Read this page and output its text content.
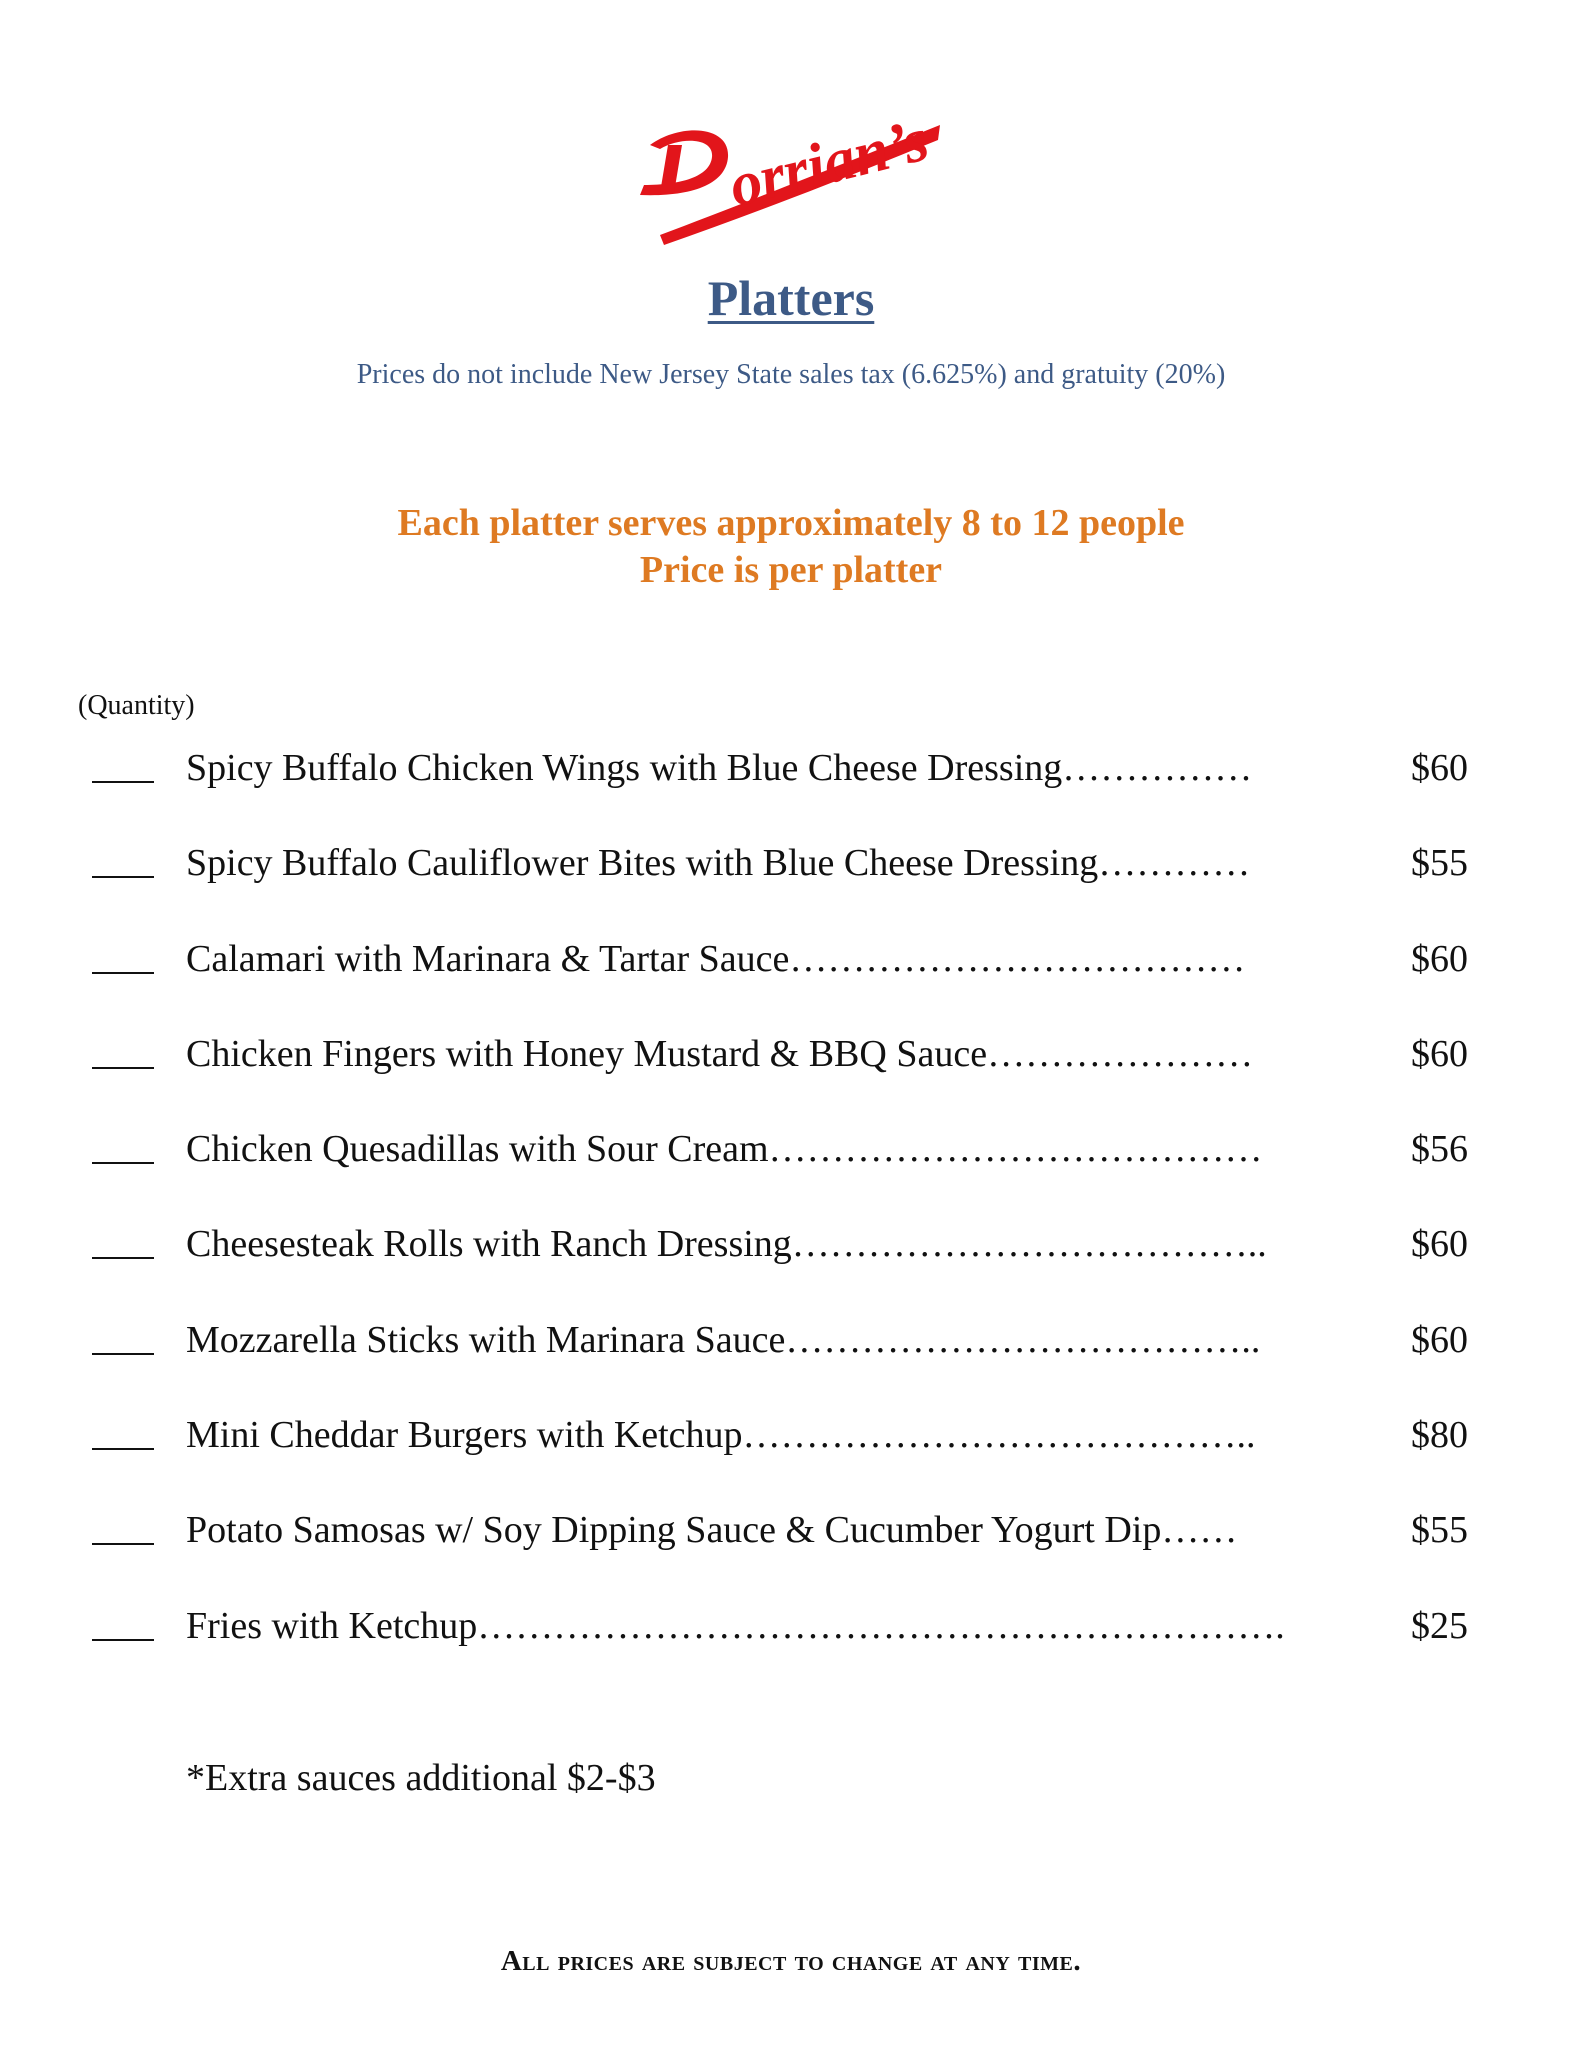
orrian’s
Platters
Prices do not include New Jersey State sales tax (6.625%) and gratuity (20%)
Each platter serves approximately 8 to 12 people
Price is per platter
(Quantity)
Spicy Buffalo Chicken Wings with Blue Cheese Dressing……………	$60
Spicy Buffalo Cauliflower Bites with Blue Cheese Dressing…………	$55
Calamari with Marinara & Tartar Sauce………………………………	$60
Chicken Fingers with Honey Mustard & BBQ Sauce…………………	$60
Chicken Quesadillas with Sour Cream…………………………………	$56
Cheesesteak Rolls with Ranch Dressing………………………………..	$60
Mozzarella Sticks with Marinara Sauce………………………………..	$60
Mini Cheddar Burgers with Ketchup…………………………………..	$80
Potato Samosas w/ Soy Dipping Sauce & Cucumber Yogurt Dip……	$55
Fries with Ketchup……………………………………………………….	$25
*Extra sauces additional $2-$3
All prices are subject to change at any time.
